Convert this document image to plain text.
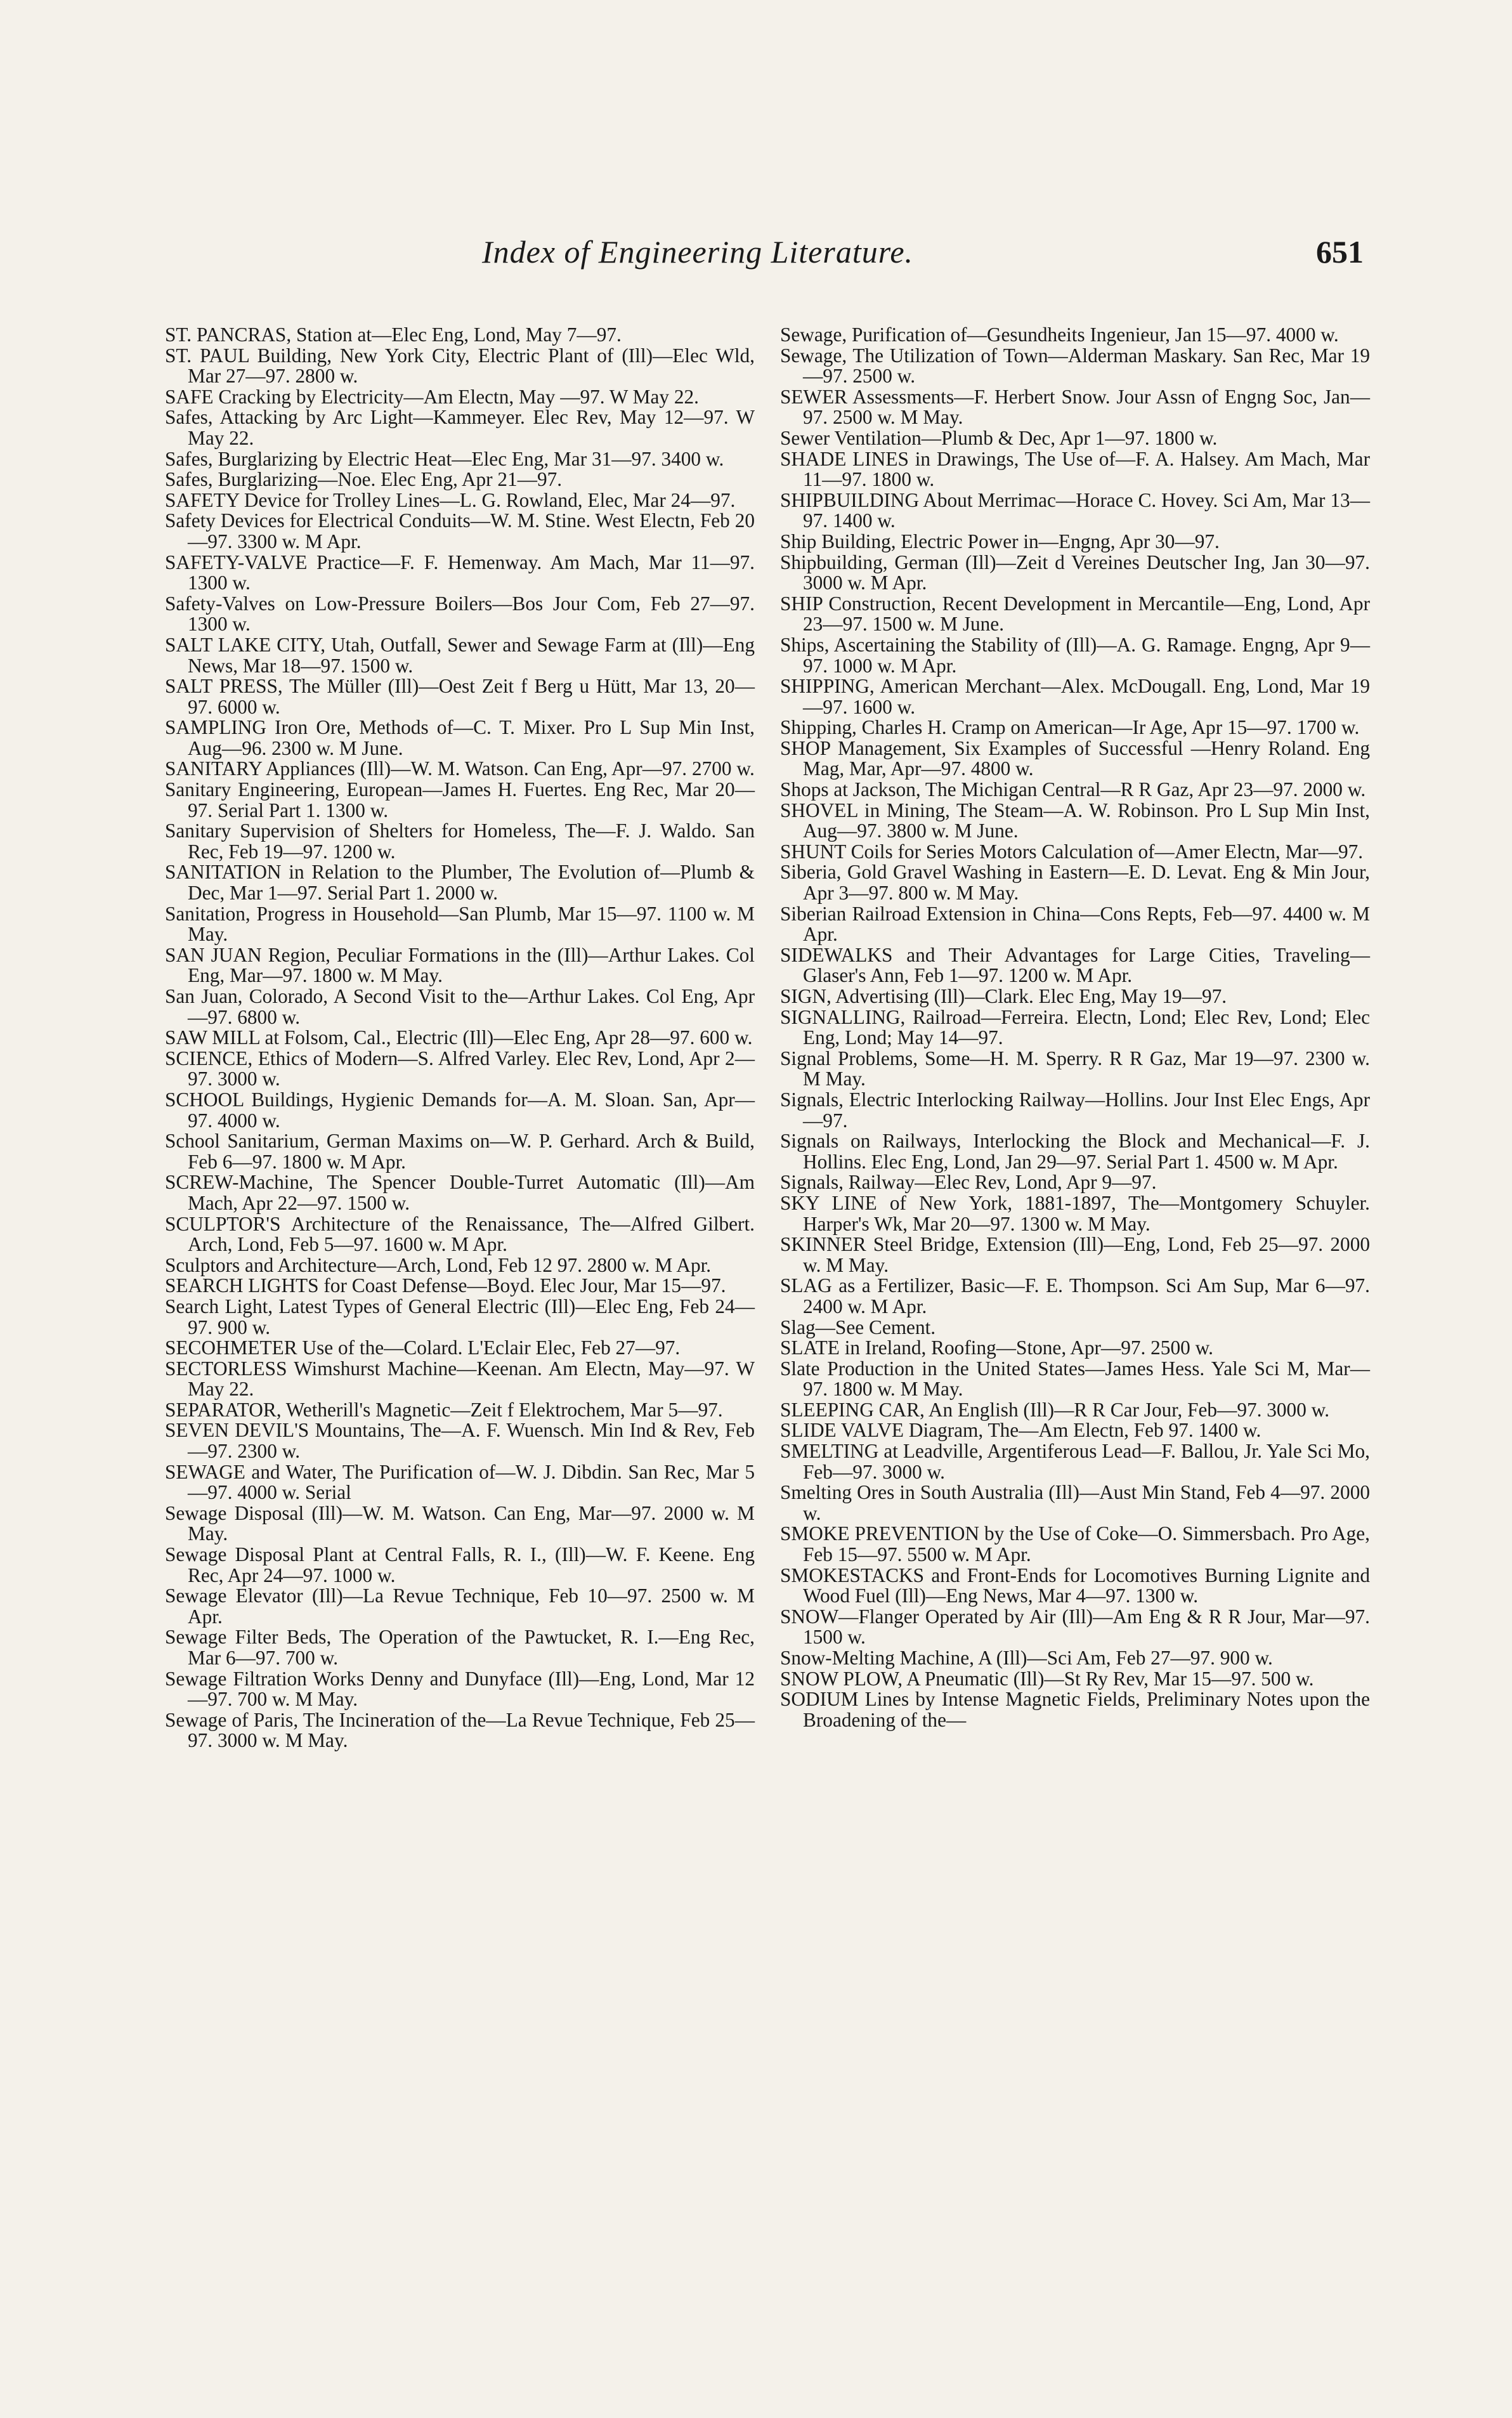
Index of Engineering Literature.	651

ST. PANCRAS, Station at—Elec Eng, Lond, May 7—97.

ST. PAUL Building, New York City, Electric Plant of (Ill)—Elec Wld, Mar 27—97. 2800 w.

SAFE Cracking by Electricity—Am Electn, May —97. W May 22.

Safes, Attacking by Arc Light—Kammeyer. Elec Rev, May 12—97. W May 22.

Safes, Burglarizing by Electric Heat—Elec Eng, Mar 31—97. 3400 w.

Safes, Burglarizing—Noe. Elec Eng, Apr 21—97.

SAFETY Device for Trolley Lines—L. G. Rowland, Elec, Mar 24—97.

Safety Devices for Electrical Conduits—W. M. Stine. West Electn, Feb 20—97. 3300 w. M Apr.

SAFETY-VALVE Practice—F. F. Hemenway. Am Mach, Mar 11—97. 1300 w.

Safety-Valves on Low-Pressure Boilers—Bos Jour Com, Feb 27—97. 1300 w.

SALT LAKE CITY, Utah, Outfall, Sewer and Sewage Farm at (Ill)—Eng News, Mar 18—97. 1500 w.

SALT PRESS, The Müller (Ill)—Oest Zeit f Berg u Hütt, Mar 13, 20—97. 6000 w.

SAMPLING Iron Ore, Methods of—C. T. Mixer. Pro L Sup Min Inst, Aug—96. 2300 w. M June.

SANITARY Appliances (Ill)—W. M. Watson. Can Eng, Apr—97. 2700 w.

Sanitary Engineering, European—James H. Fuertes. Eng Rec, Mar 20—97. Serial Part 1. 1300 w.

Sanitary Supervision of Shelters for Homeless, The—F. J. Waldo. San Rec, Feb 19—97. 1200 w.

SANITATION in Relation to the Plumber, The Evolution of—Plumb & Dec, Mar 1—97. Serial Part 1. 2000 w.

Sanitation, Progress in Household—San Plumb, Mar 15—97. 1100 w. M May.

SAN JUAN Region, Peculiar Formations in the (Ill)—Arthur Lakes. Col Eng, Mar—97. 1800 w. M May.

San Juan, Colorado, A Second Visit to the—Arthur Lakes. Col Eng, Apr—97. 6800 w.

SAW MILL at Folsom, Cal., Electric (Ill)—Elec Eng, Apr 28—97. 600 w.

SCIENCE, Ethics of Modern—S. Alfred Varley. Elec Rev, Lond, Apr 2—97. 3000 w.

SCHOOL Buildings, Hygienic Demands for—A. M. Sloan. San, Apr—97. 4000 w.

School Sanitarium, German Maxims on—W. P. Gerhard. Arch & Build, Feb 6—97. 1800 w. M Apr.

SCREW-Machine, The Spencer Double-Turret Automatic (Ill)—Am Mach, Apr 22—97. 1500 w.

SCULPTOR'S Architecture of the Renaissance, The—Alfred Gilbert. Arch, Lond, Feb 5—97. 1600 w. M Apr.

Sculptors and Architecture—Arch, Lond, Feb 12 97. 2800 w. M Apr.

SEARCH LIGHTS for Coast Defense—Boyd. Elec Jour, Mar 15—97.

Search Light, Latest Types of General Electric (Ill)—Elec Eng, Feb 24—97. 900 w.

SECOHMETER Use of the—Colard. L'Eclair Elec, Feb 27—97.

SECTORLESS Wimshurst Machine—Keenan. Am Electn, May—97. W May 22.

SEPARATOR, Wetherill's Magnetic—Zeit f Elektrochem, Mar 5—97.

SEVEN DEVIL'S Mountains, The—A. F. Wuensch. Min Ind & Rev, Feb—97. 2300 w.

SEWAGE and Water, The Purification of—W. J. Dibdin. San Rec, Mar 5—97. 4000 w. Serial

Sewage Disposal (Ill)—W. M. Watson. Can Eng, Mar—97. 2000 w. M May.

Sewage Disposal Plant at Central Falls, R. I., (Ill)—W. F. Keene. Eng Rec, Apr 24—97. 1000 w.

Sewage Elevator (Ill)—La Revue Technique, Feb 10—97. 2500 w. M Apr.

Sewage Filter Beds, The Operation of the Pawtucket, R. I.—Eng Rec, Mar 6—97. 700 w.

Sewage Filtration Works Denny and Dunyface (Ill)—Eng, Lond, Mar 12—97. 700 w. M May.

Sewage of Paris, The Incineration of the—La Revue Technique, Feb 25—97. 3000 w. M May.

Sewage, Purification of—Gesundheits Ingenieur, Jan 15—97. 4000 w.

Sewage, The Utilization of Town—Alderman Maskary. San Rec, Mar 19—97. 2500 w.

SEWER Assessments—F. Herbert Snow. Jour Assn of Engng Soc, Jan—97. 2500 w. M May.

Sewer Ventilation—Plumb & Dec, Apr 1—97. 1800 w.

SHADE LINES in Drawings, The Use of—F. A. Halsey. Am Mach, Mar 11—97. 1800 w.

SHIPBUILDING About Merrimac—Horace C. Hovey. Sci Am, Mar 13—97. 1400 w.

Ship Building, Electric Power in—Engng, Apr 30—97.

Shipbuilding, German (Ill)—Zeit d Vereines Deutscher Ing, Jan 30—97. 3000 w. M Apr.

SHIP Construction, Recent Development in Mercantile—Eng, Lond, Apr 23—97. 1500 w. M June.

Ships, Ascertaining the Stability of (Ill)—A. G. Ramage. Engng, Apr 9—97. 1000 w. M Apr.

SHIPPING, American Merchant—Alex. McDougall. Eng, Lond, Mar 19—97. 1600 w.

Shipping, Charles H. Cramp on American—Ir Age, Apr 15—97. 1700 w.

SHOP Management, Six Examples of Successful —Henry Roland. Eng Mag, Mar, Apr—97. 4800 w.

Shops at Jackson, The Michigan Central—R R Gaz, Apr 23—97. 2000 w.

SHOVEL in Mining, The Steam—A. W. Robinson. Pro L Sup Min Inst, Aug—97. 3800 w. M June.

SHUNT Coils for Series Motors Calculation of—Amer Electn, Mar—97.

Siberia, Gold Gravel Washing in Eastern—E. D. Levat. Eng & Min Jour, Apr 3—97. 800 w. M May.

Siberian Railroad Extension in China—Cons Repts, Feb—97. 4400 w. M Apr.

SIDEWALKS and Their Advantages for Large Cities, Traveling—Glaser's Ann, Feb 1—97. 1200 w. M Apr.

SIGN, Advertising (Ill)—Clark. Elec Eng, May 19—97.

SIGNALLING, Railroad—Ferreira. Electn, Lond; Elec Rev, Lond; Elec Eng, Lond; May 14—97.

Signal Problems, Some—H. M. Sperry. R R Gaz, Mar 19—97. 2300 w. M May.

Signals, Electric Interlocking Railway—Hollins. Jour Inst Elec Engs, Apr—97.

Signals on Railways, Interlocking the Block and Mechanical—F. J. Hollins. Elec Eng, Lond, Jan 29—97. Serial Part 1. 4500 w. M Apr.

Signals, Railway—Elec Rev, Lond, Apr 9—97.

SKY LINE of New York, 1881-1897, The—Montgomery Schuyler. Harper's Wk, Mar 20—97. 1300 w. M May.

SKINNER Steel Bridge, Extension (Ill)—Eng, Lond, Feb 25—97. 2000 w. M May.

SLAG as a Fertilizer, Basic—F. E. Thompson. Sci Am Sup, Mar 6—97. 2400 w. M Apr.

Slag—See Cement.

SLATE in Ireland, Roofing—Stone, Apr—97. 2500 w.

Slate Production in the United States—James Hess. Yale Sci M, Mar—97. 1800 w. M May.

SLEEPING CAR, An English (Ill)—R R Car Jour, Feb—97. 3000 w.

SLIDE VALVE Diagram, The—Am Electn, Feb 97. 1400 w.

SMELTING at Leadville, Argentiferous Lead—F. Ballou, Jr. Yale Sci Mo, Feb—97. 3000 w.

Smelting Ores in South Australia (Ill)—Aust Min Stand, Feb 4—97. 2000 w.

SMOKE PREVENTION by the Use of Coke—O. Simmersbach. Pro Age, Feb 15—97. 5500 w. M Apr.

SMOKESTACKS and Front-Ends for Locomotives Burning Lignite and Wood Fuel (Ill)—Eng News, Mar 4—97. 1300 w.

SNOW—Flanger Operated by Air (Ill)—Am Eng & R R Jour, Mar—97. 1500 w.

Snow-Melting Machine, A (Ill)—Sci Am, Feb 27—97. 900 w.

SNOW PLOW, A Pneumatic (Ill)—St Ry Rev, Mar 15—97. 500 w.

SODIUM Lines by Intense Magnetic Fields, Preliminary Notes upon the Broadening of the—
